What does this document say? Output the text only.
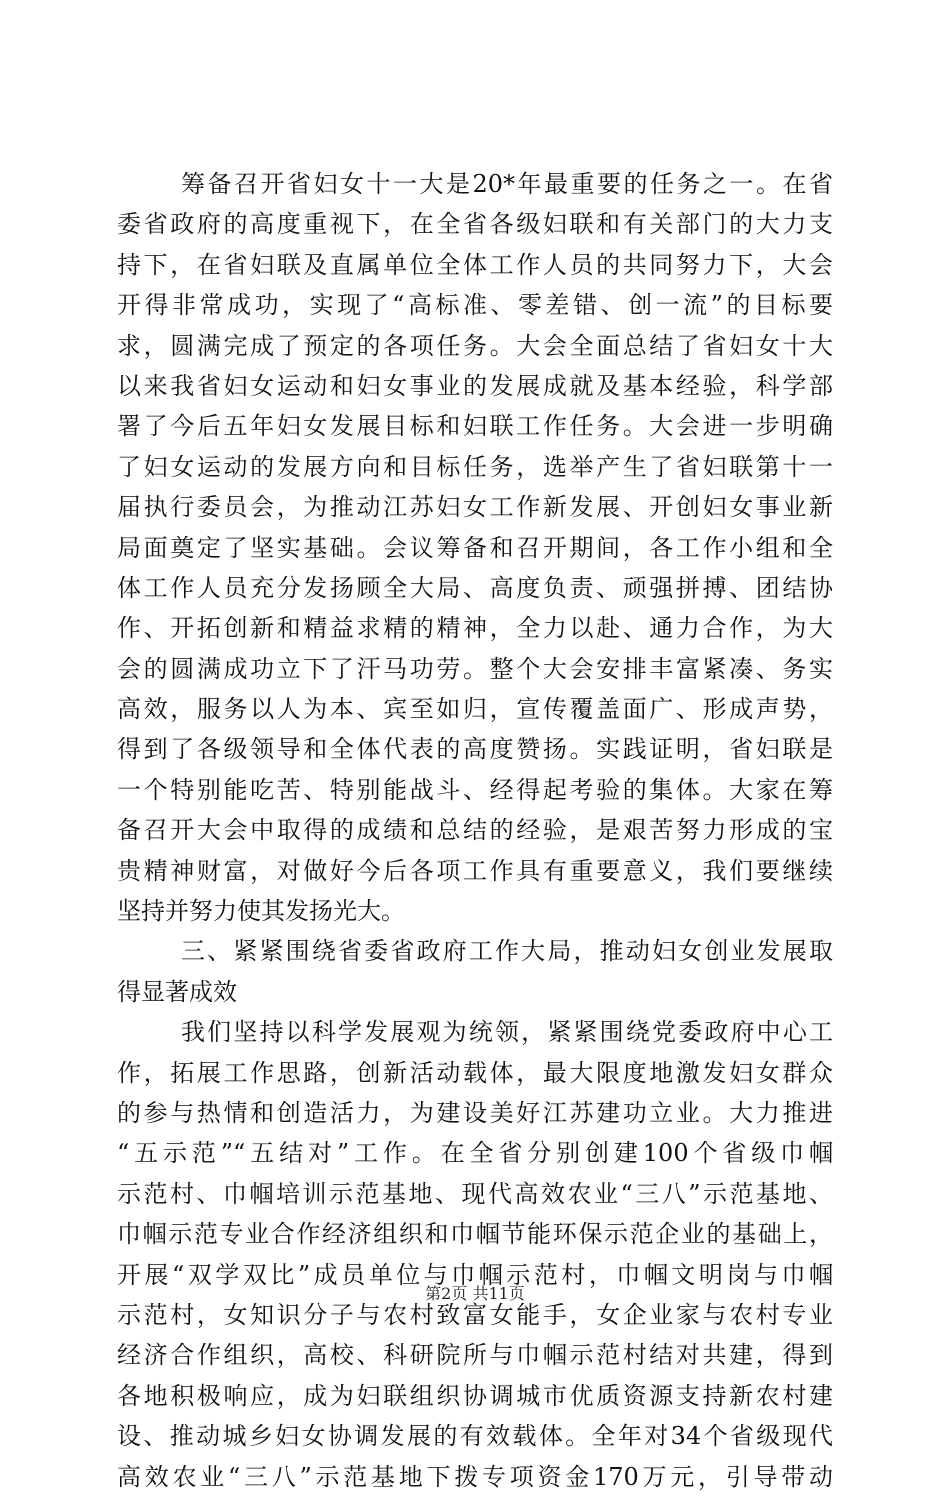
筹备召开省妇女十一大是20*年最重要的任务之一。在省
委省政府的高度重视下，在全省各级妇联和有关部门的大力支
持下，在省妇联及直属单位全体工作人员的共同努力下，大会
开得非常成功，实现了“高标准、零差错、创一流”的目标要
求，圆满完成了预定的各项任务。大会全面总结了省妇女十大
以来我省妇女运动和妇女事业的发展成就及基本经验，科学部
署了今后五年妇女发展目标和妇联工作任务。大会进一步明确
了妇女运动的发展方向和目标任务，选举产生了省妇联第十一
届执行委员会，为推动江苏妇女工作新发展、开创妇女事业新
局面奠定了坚实基础。会议筹备和召开期间，各工作小组和全
体工作人员充分发扬顾全大局、高度负责、顽强拼搏、团结协
作、开拓创新和精益求精的精神，全力以赴、通力合作，为大
会的圆满成功立下了汗马功劳。整个大会安排丰富紧凑、务实
高效，服务以人为本、宾至如归，宣传覆盖面广、形成声势，
得到了各级领导和全体代表的高度赞扬。实践证明，省妇联是
一个特别能吃苦、特别能战斗、经得起考验的集体。大家在筹
备召开大会中取得的成绩和总结的经验，是艰苦努力形成的宝
贵精神财富，对做好今后各项工作具有重要意义，我们要继续
坚持并努力使其发扬光大。
三、紧紧围绕省委省政府工作大局，推动妇女创业发展取
得显著成效
我们坚持以科学发展观为统领，紧紧围绕党委政府中心工
作，拓展工作思路，创新活动载体，最大限度地激发妇女群众
的参与热情和创造活力，为建设美好江苏建功立业。大力推进
“五示范”“五结对”工作。在全省分别创建100个省级巾帼
示范村、巾帼培训示范基地、现代高效农业“三八”示范基地、
巾帼示范专业合作经济组织和巾帼节能环保示范企业的基础上，
开展“双学双比”成员单位与巾帼示范村，巾帼文明岗与巾帼
示范村，女知识分子与农村致富女能手，女企业家与农村专业
经济合作组织，高校、科研院所与巾帼示范村结对共建，得到
各地积极响应，成为妇联组织协调城市优质资源支持新农村建
设、推动城乡妇女协调发展的有效载体。全年对34个省级现代
高效农业“三八”示范基地下拨专项资金170万元，引导带动
第2页 共11页
